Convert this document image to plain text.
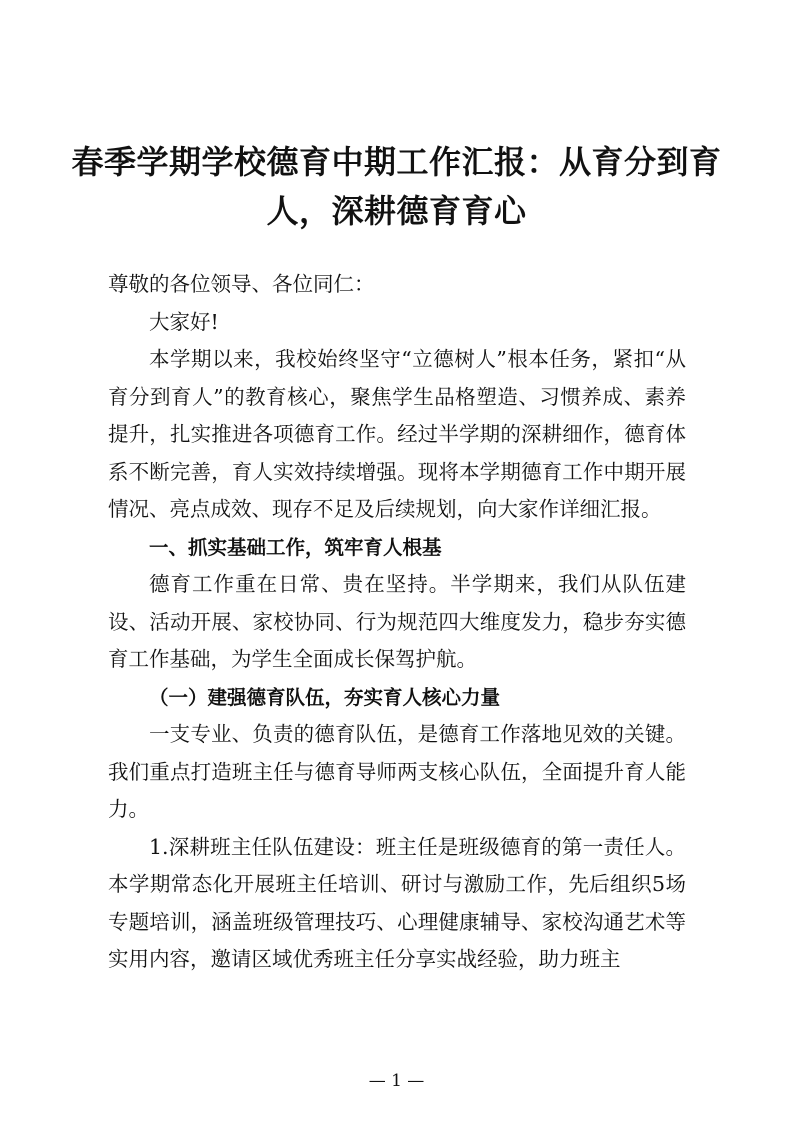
春季学期学校德育中期工作汇报：从育分到育人，深耕德育育心

尊敬的各位领导、各位同仁：

大家好!

本学期以来，我校始终坚守“立德树人”根本任务，紧扣“从育分到育人”的教育核心，聚焦学生品格塑造、习惯养成、素养提升，扎实推进各项德育工作。经过半学期的深耕细作，德育体系不断完善，育人实效持续增强。现将本学期德育工作中期开展情况、亮点成效、现存不足及后续规划，向大家作详细汇报。

一、抓实基础工作，筑牢育人根基

德育工作重在日常、贵在坚持。半学期来，我们从队伍建设、活动开展、家校协同、行为规范四大维度发力，稳步夯实德育工作基础，为学生全面成长保驾护航。

（一）建强德育队伍，夯实育人核心力量

一支专业、负责的德育队伍，是德育工作落地见效的关键。我们重点打造班主任与德育导师两支核心队伍，全面提升育人能力。

1.深耕班主任队伍建设：班主任是班级德育的第一责任人。本学期常态化开展班主任培训、研讨与激励工作，先后组织5场专题培训，涵盖班级管理技巧、心理健康辅导、家校沟通艺术等实用内容，邀请区域优秀班主任分享实战经验，助力班主

— 1 —
